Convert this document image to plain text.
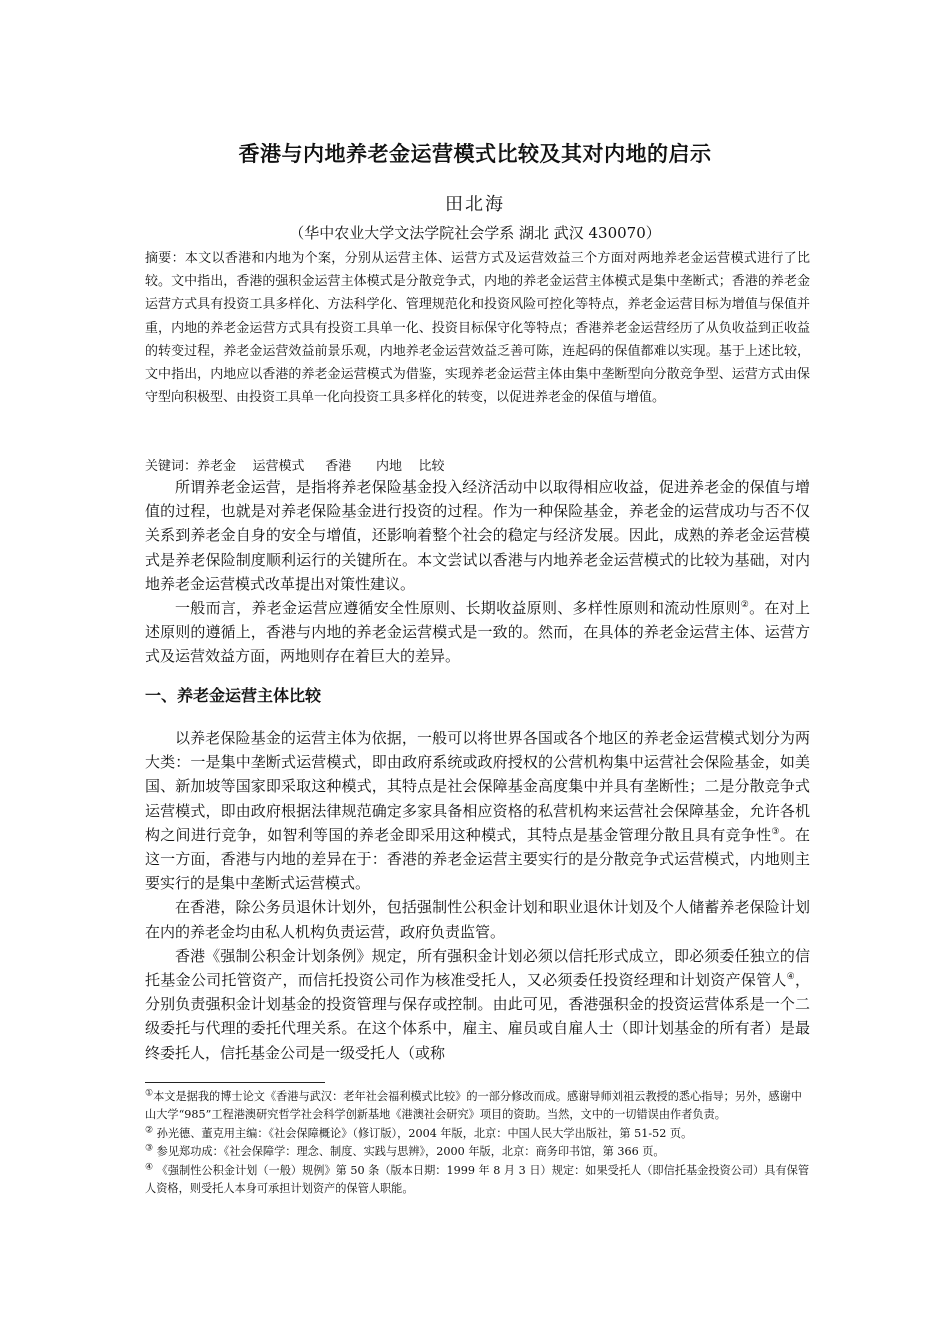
香港与内地养老金运营模式比较及其对内地的启示
田北海
（华中农业大学文法学院社会学系 湖北 武汉 430070）
摘要：本文以香港和内地为个案，分别从运营主体、运营方式及运营效益三个方面对两地养老金运营模式进行了比较。文中指出，香港的强积金运营主体模式是分散竞争式，内地的养老金运营主体模式是集中垄断式；香港的养老金运营方式具有投资工具多样化、方法科学化、管理规范化和投资风险可控化等特点，养老金运营目标为增值与保值并重，内地的养老金运营方式具有投资工具单一化、投资目标保守化等特点；香港养老金运营经历了从负收益到正收益的转变过程，养老金运营效益前景乐观，内地养老金运营效益乏善可陈，连起码的保值都难以实现。基于上述比较，文中指出，内地应以香港的养老金运营模式为借鉴，实现养老金运营主体由集中垄断型向分散竞争型、运营方式由保守型向积极型、由投资工具单一化向投资工具多样化的转变，以促进养老金的保值与增值。
关键词：养老金    运营模式     香港      内地    比较

所谓养老金运营，是指将养老保险基金投入经济活动中以取得相应收益，促进养老金的保值与增值的过程，也就是对养老保险基金进行投资的过程。作为一种保险基金，养老金的运营成功与否不仅关系到养老金自身的安全与增值，还影响着整个社会的稳定与经济发展。因此，成熟的养老金运营模式是养老保险制度顺利运行的关键所在。本文尝试以香港与内地养老金运营模式的比较为基础，对内地养老金运营模式改革提出对策性建议。

一般而言，养老金运营应遵循安全性原则、长期收益原则、多样性原则和流动性原则②。在对上述原则的遵循上，香港与内地的养老金运营模式是一致的。然而，在具体的养老金运营主体、运营方式及运营效益方面，两地则存在着巨大的差异。

一、养老金运营主体比较

以养老保险基金的运营主体为依据，一般可以将世界各国或各个地区的养老金运营模式划分为两大类：一是集中垄断式运营模式，即由政府系统或政府授权的公营机构集中运营社会保险基金，如美国、新加坡等国家即采取这种模式，其特点是社会保障基金高度集中并具有垄断性；二是分散竞争式运营模式，即由政府根据法律规范确定多家具备相应资格的私营机构来运营社会保障基金，允许各机构之间进行竞争，如智利等国的养老金即采用这种模式，其特点是基金管理分散且具有竞争性③。在这一方面，香港与内地的差异在于：香港的养老金运营主要实行的是分散竞争式运营模式，内地则主要实行的是集中垄断式运营模式。

在香港，除公务员退休计划外，包括强制性公积金计划和职业退休计划及个人储蓄养老保险计划在内的养老金均由私人机构负责运营，政府负责监管。

香港《强制公积金计划条例》规定，所有强积金计划必须以信托形式成立，即必须委任独立的信托基金公司托管资产，而信托投资公司作为核准受托人，又必须委任投资经理和计划资产保管人④，分别负责强积金计划基金的投资管理与保存或控制。由此可见，香港强积金的投资运营体系是一个二级委托与代理的委托代理关系。在这个体系中，雇主、雇员或自雇人士（即计划基金的所有者）是最终委托人，信托基金公司是一级受托人（或称

①本文是据我的博士论文《香港与武汉：老年社会福利模式比较》的一部分修改而成。感谢导师刘祖云教授的悉心指导；另外，感谢中山大学“985”工程港澳研究哲学社会科学创新基地《港澳社会研究》项目的资助。当然，文中的一切错误由作者负责。
② 孙光德、董克用主编：《社会保障概论》（修订版），2004 年版，北京：中国人民大学出版社，第 51-52 页。
③ 参见郑功成：《社会保障学：理念、制度、实践与思辨》，2000 年版，北京：商务印书馆，第 366 页。
④ 《强制性公积金计划（一般）规例》第 50 条（版本日期：1999 年 8 月 3 日）规定：如果受托人（即信托基金投资公司）具有保管人资格，则受托人本身可承担计划资产的保管人职能。
